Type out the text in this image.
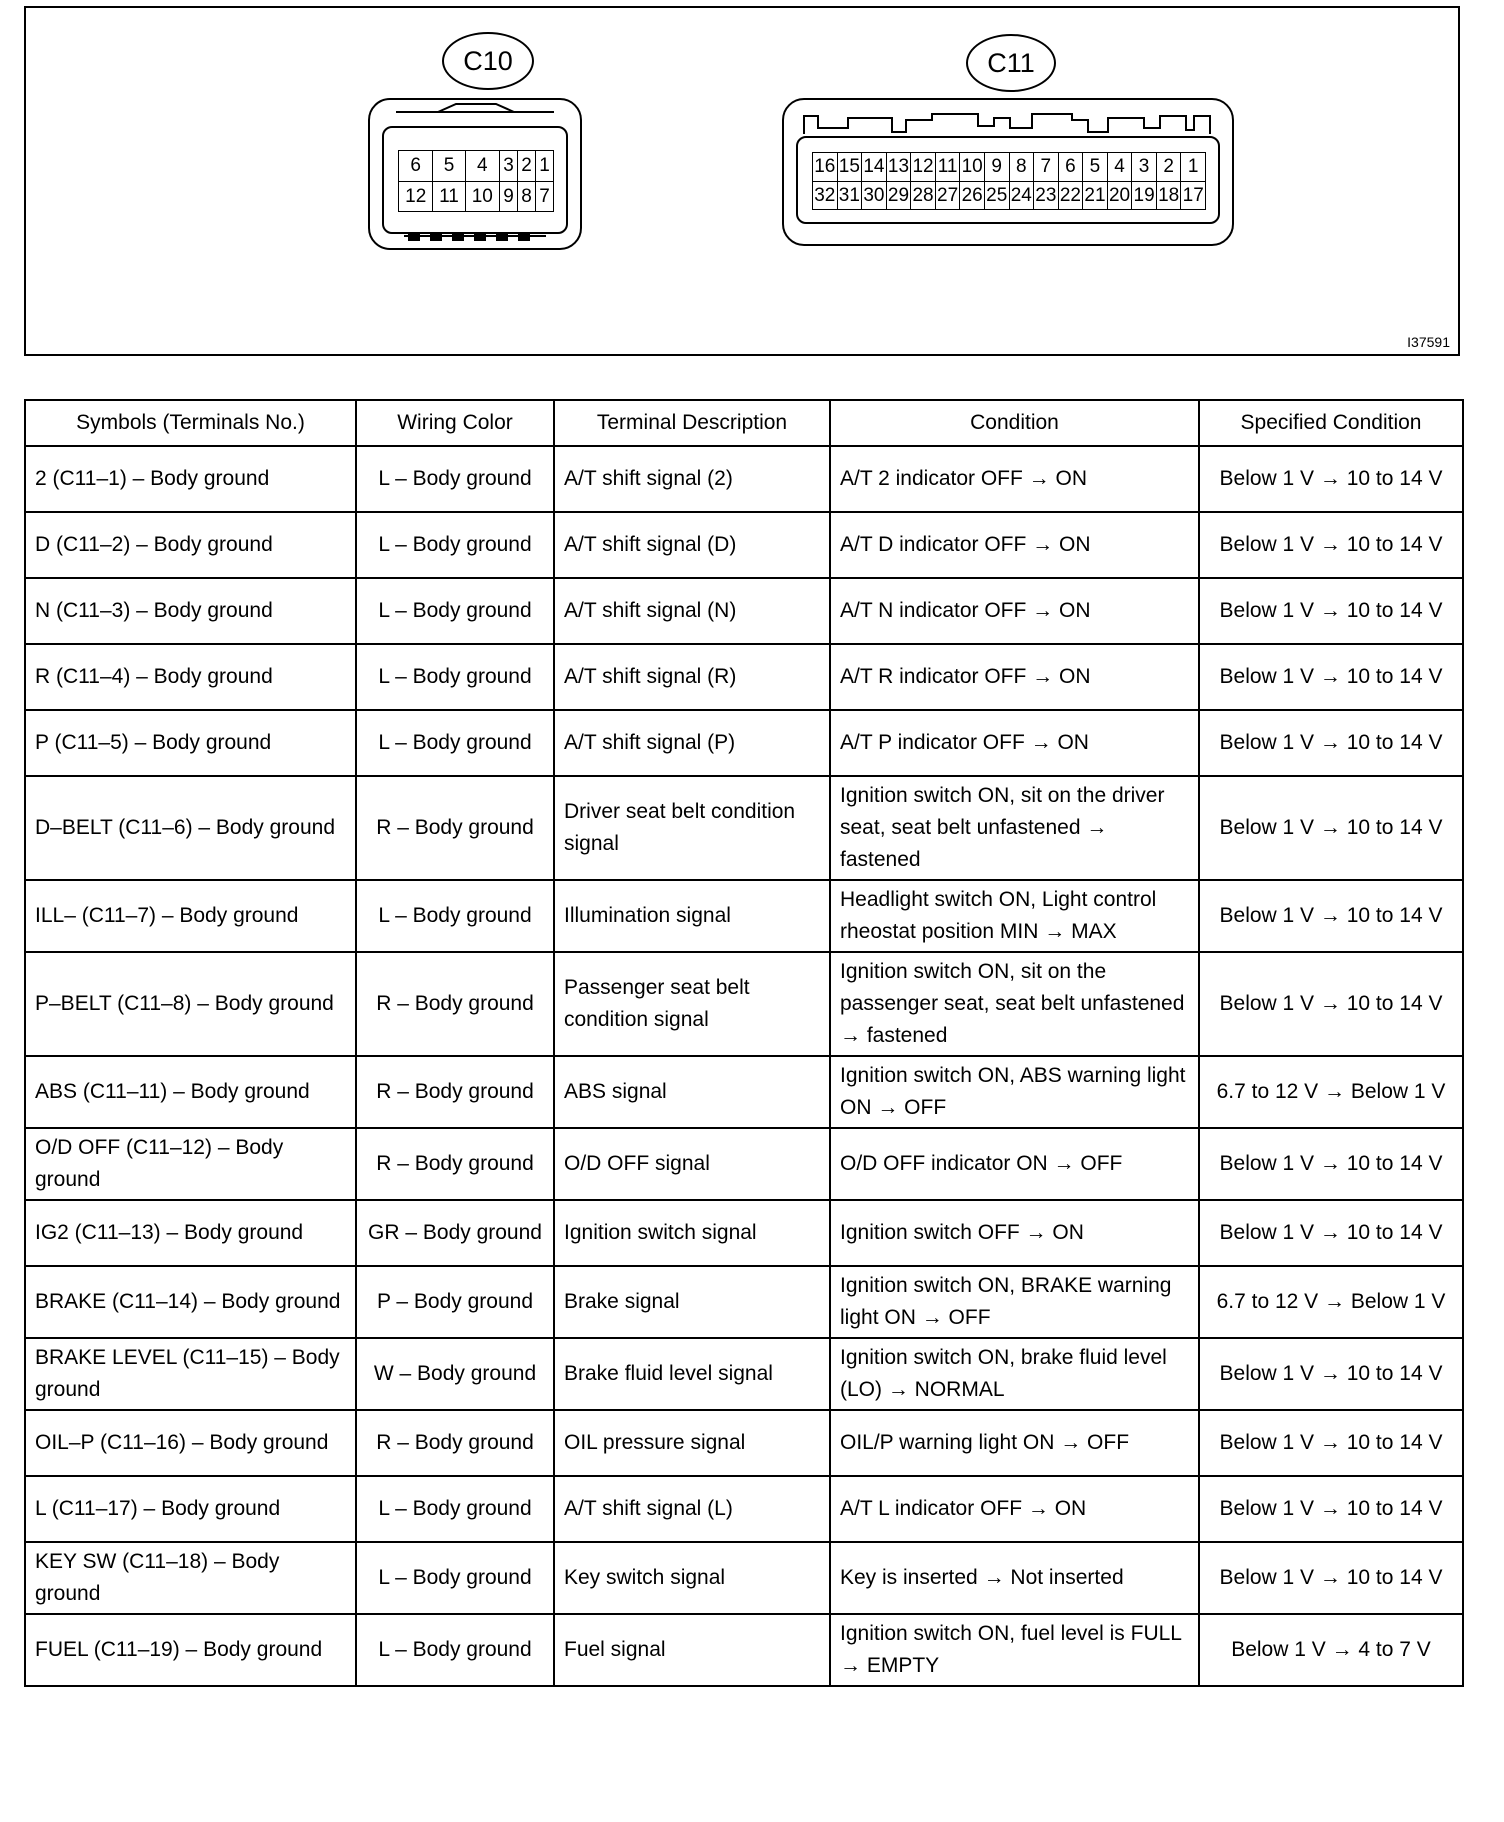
C10
6	5	4	3	2	1
12	11	10	9	8	7
C11
16	15	14	13	12	11	10	9	8	7	6	5	4	3	2	1
32	31	30	29	28	27	26	25	24	23	22	21	20	19	18	17
I37591
Symbols (Terminals No.)	Wiring Color	Terminal Description	Condition	Specified Condition
2 (C11–1) – Body ground	L – Body ground	A/T shift signal (2)	A/T 2 indicator OFF → ON	Below 1 V → 10 to 14 V
D (C11–2) – Body ground	L – Body ground	A/T shift signal (D)	A/T D indicator OFF → ON	Below 1 V → 10 to 14 V
N (C11–3) – Body ground	L – Body ground	A/T shift signal (N)	A/T N indicator OFF → ON	Below 1 V → 10 to 14 V
R (C11–4) – Body ground	L – Body ground	A/T shift signal (R)	A/T R indicator OFF → ON	Below 1 V → 10 to 14 V
P (C11–5) – Body ground	L – Body ground	A/T shift signal (P)	A/T P indicator OFF → ON	Below 1 V → 10 to 14 V
D–BELT (C11–6) – Body ground	R – Body ground	Driver seat belt condition signal	Ignition switch ON, sit on the driver seat, seat belt unfastened → fastened	Below 1 V → 10 to 14 V
ILL– (C11–7) – Body ground	L – Body ground	Illumination signal	Headlight switch ON, Light control rheostat position MIN → MAX	Below 1 V → 10 to 14 V
P–BELT (C11–8) – Body ground	R – Body ground	Passenger seat belt condition signal	Ignition switch ON, sit on the passenger seat, seat belt unfastened → fastened	Below 1 V → 10 to 14 V
ABS (C11–11) – Body ground	R – Body ground	ABS signal	Ignition switch ON, ABS warning light ON → OFF	6.7 to 12 V → Below 1 V
O/D OFF (C11–12) – Body ground	R – Body ground	O/D OFF signal	O/D OFF indicator ON → OFF	Below 1 V → 10 to 14 V
IG2 (C11–13) – Body ground	GR – Body ground	Ignition switch signal	Ignition switch OFF → ON	Below 1 V → 10 to 14 V
BRAKE (C11–14) – Body ground	P – Body ground	Brake signal	Ignition switch ON, BRAKE warning light ON → OFF	6.7 to 12 V → Below 1 V
BRAKE LEVEL (C11–15) – Body ground	W – Body ground	Brake fluid level signal	Ignition switch ON, brake fluid level (LO) → NORMAL	Below 1 V → 10 to 14 V
OIL–P (C11–16) – Body ground	R – Body ground	OIL pressure signal	OIL/P warning light ON → OFF	Below 1 V → 10 to 14 V
L (C11–17) – Body ground	L – Body ground	A/T shift signal (L)	A/T L indicator OFF → ON	Below 1 V → 10 to 14 V
KEY SW (C11–18) – Body ground	L – Body ground	Key switch signal	Key is inserted → Not inserted	Below 1 V → 10 to 14 V
FUEL (C11–19) – Body ground	L – Body ground	Fuel signal	Ignition switch ON, fuel level is FULL → EMPTY	Below 1 V → 4 to 7 V
